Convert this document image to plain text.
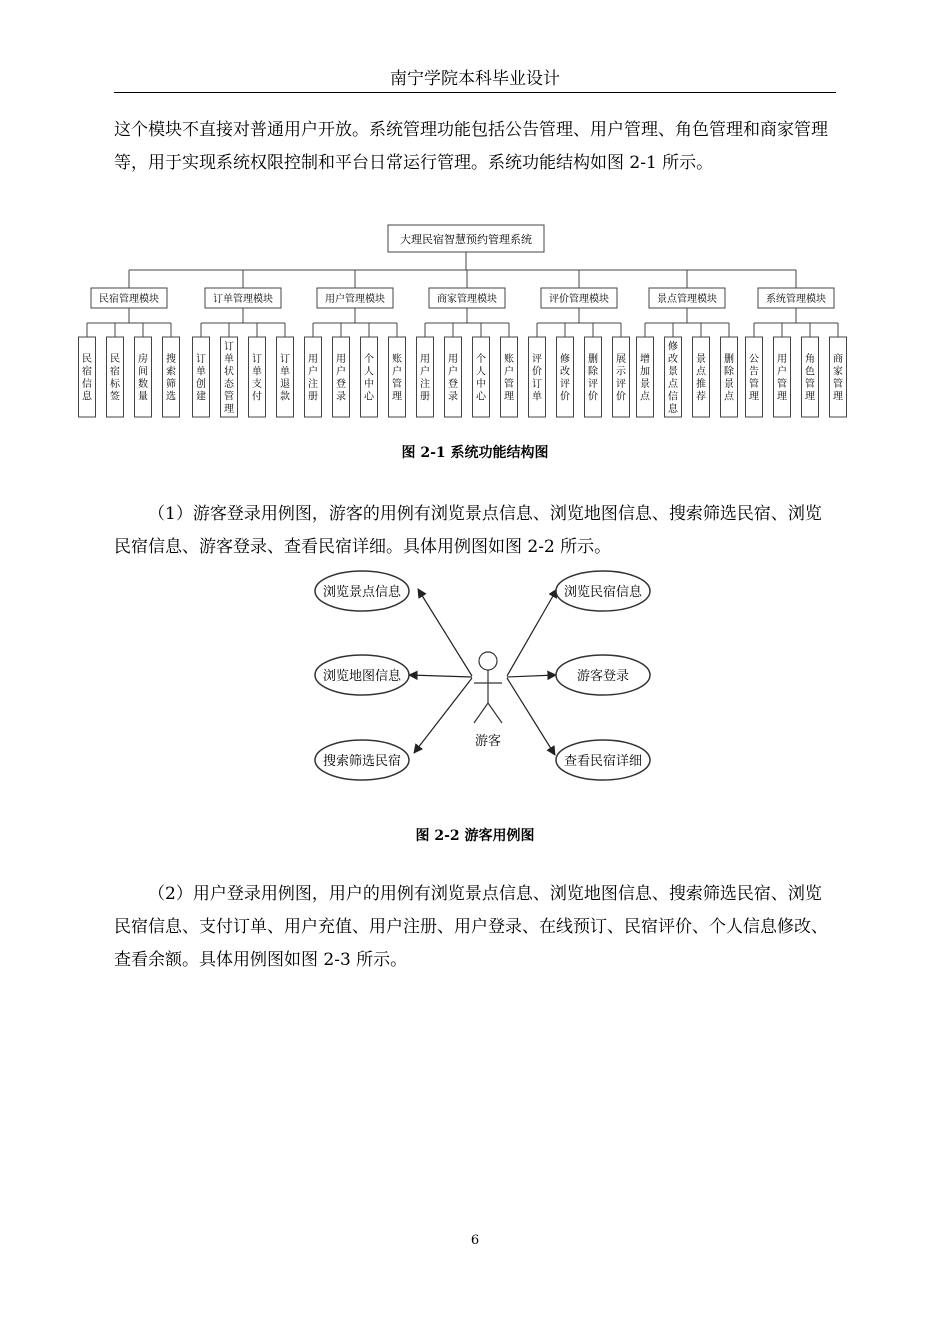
南宁学院本科毕业设计

这个模块不直接对普通用户开放。系统管理功能包括公告管理、用户管理、角色管理和商家管理等，用于实现系统权限控制和平台日常运行管理。系统功能结构如图 2-1 所示。

大理民宿智慧预约管理系统
民宿管理模块
民宿信息
民宿标签
房间数量
搜索筛选
订单管理模块
订单创建
订单状态管理
订单支付
订单退款
用户管理模块
用户注册
用户登录
个人中心
账户管理
商家管理模块
用户注册
用户登录
个人中心
账户管理
评价管理模块
评价订单
修改评价
删除评价
展示评价
景点管理模块
增加景点
修改景点信息
景点推荐
删除景点
系统管理模块
公告管理
用户管理
角色管理
商家管理
图 2-1 系统功能结构图

（1）游客登录用例图，游客的用例有浏览景点信息、浏览地图信息、搜索筛选民宿、浏览民宿信息、游客登录、查看民宿详细。具体用例图如图 2-2 所示。

游客
浏览景点信息
浏览地图信息
搜索筛选民宿
浏览民宿信息
游客登录
查看民宿详细
图 2-2 游客用例图

（2）用户登录用例图，用户的用例有浏览景点信息、浏览地图信息、搜索筛选民宿、浏览民宿信息、支付订单、用户充值、用户注册、用户登录、在线预订、民宿评价、个人信息修改、查看余额。具体用例图如图 2-3 所示。

6
